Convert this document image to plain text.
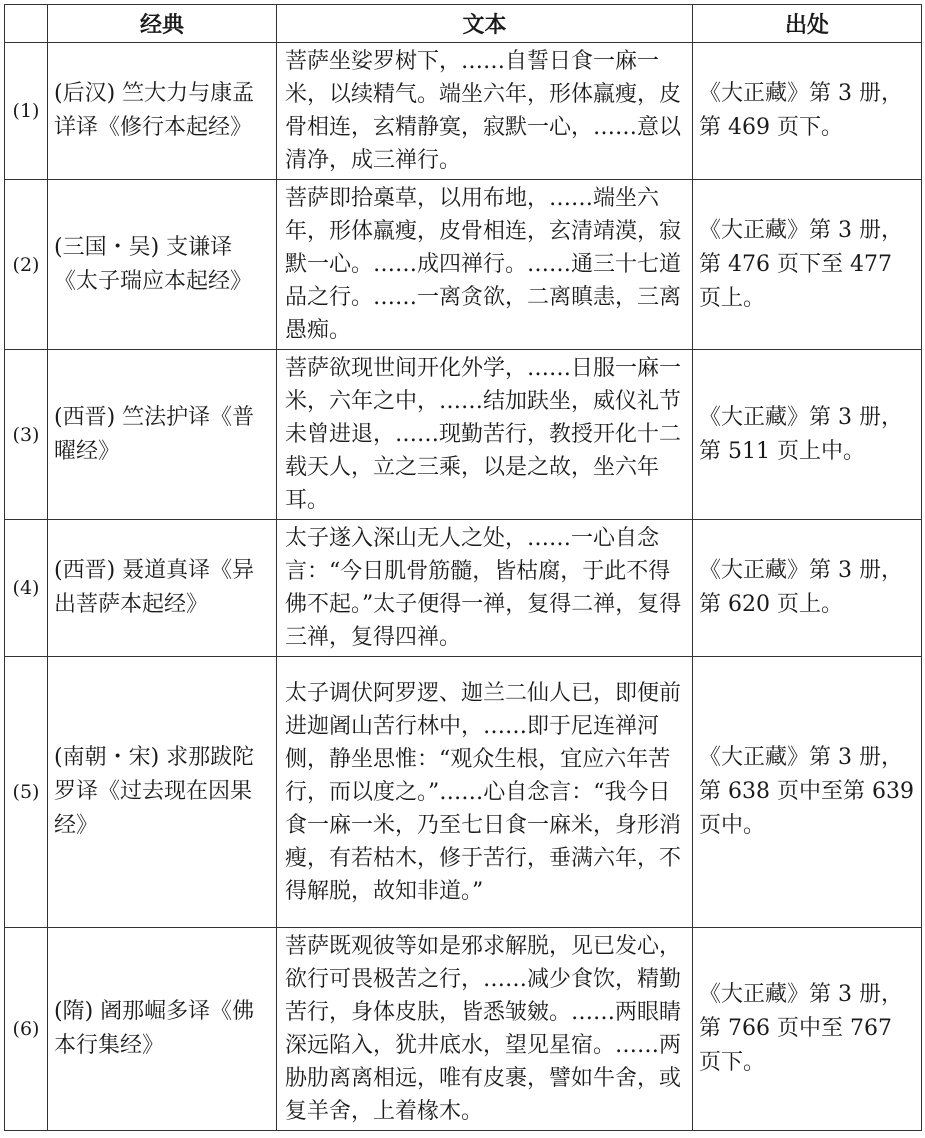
	经典	文本	出处
(1)	(后汉) 竺大力与康孟详译《修行本起经》	菩萨坐娑罗树下，……自誓日食一麻一米，以续精气。端坐六年，形体羸瘦，皮骨相连，玄精静寞，寂默一心，……意以清净，成三禅行。	《大正藏》第 3 册，第 469 页下。
(2)	(三国・吴) 支谦译《太子瑞应本起经》	菩萨即拾槀草，以用布地，……端坐六年，形体羸瘦，皮骨相连，玄清靖漠，寂默一心。……成四禅行。……通三十七道品之行。……一离贪欲，二离瞋恚，三离愚痴。	《大正藏》第 3 册，第 476 页下至 477 页上。
(3)	(西晋) 竺法护译《普曜经》	菩萨欲现世间开化外学，……日服一麻一米，六年之中，……结加趺坐，威仪礼节未曾进退，……现勤苦行，教授开化十二载天人，立之三乘，以是之故，坐六年耳。	《大正藏》第 3 册，第 511 页上中。
(4)	(西晋) 聂道真译《异出菩萨本起经》	太子遂入深山无人之处，……一心自念言：“今日肌骨筋髓，皆枯腐，于此不得佛不起。”太子便得一禅，复得二禅，复得三禅，复得四禅。	《大正藏》第 3 册，第 620 页上。
(5)	(南朝・宋) 求那跋陀罗译《过去现在因果经》	太子调伏阿罗逻、迦兰二仙人已，即便前进迦阇山苦行林中，……即于尼连禅河侧，静坐思惟：“观众生根，宜应六年苦行，而以度之。”……心自念言：“我今日食一麻一米，乃至七日食一麻米，身形消瘦，有若枯木，修于苦行，垂满六年，不得解脱，故知非道。”	《大正藏》第 3 册，第 638 页中至第 639 页中。
(6)	(隋) 阇那崛多译《佛本行集经》	菩萨既观彼等如是邪求解脱，见已发心，欲行可畏极苦之行，……减少食饮，精勤苦行，身体皮肤，皆悉皱皴。……两眼睛深远陷入，犹井底水，望见星宿。……两胁肋离离相远，唯有皮裹，譬如牛舍，或复羊舍，上着椽木。	《大正藏》第 3 册，第 766 页中至 767 页下。
